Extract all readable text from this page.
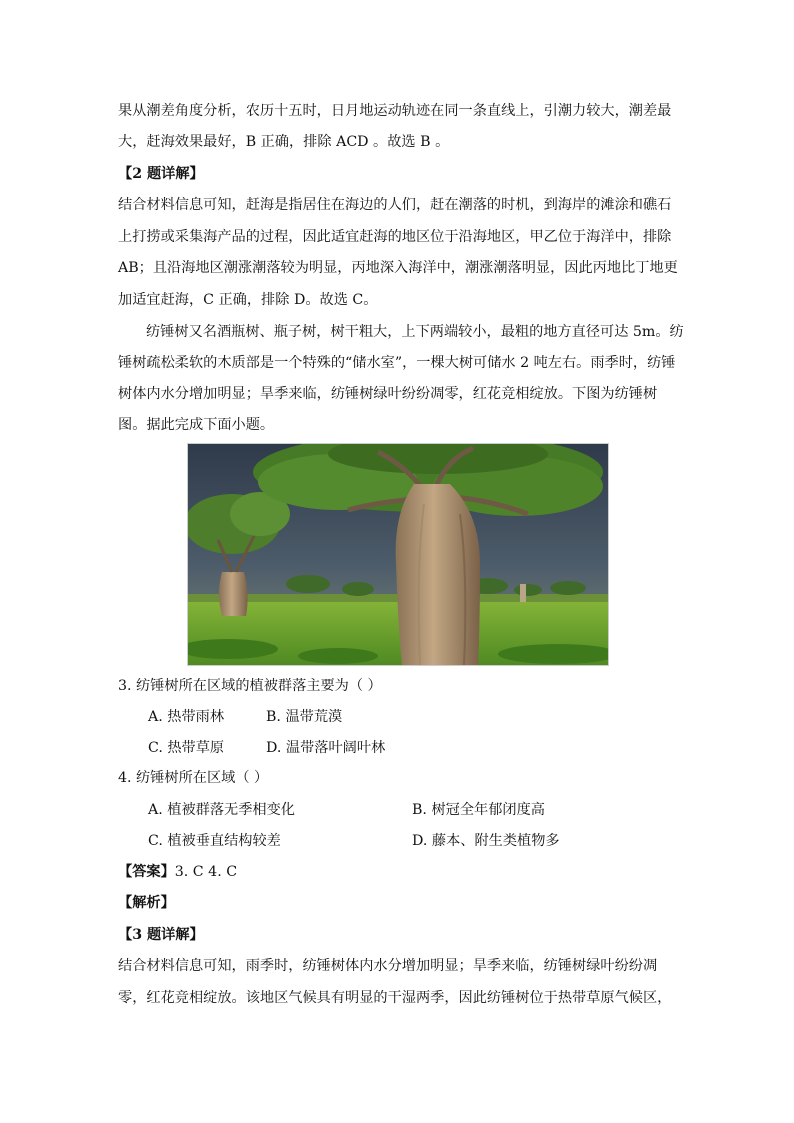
果从潮差角度分析，农历十五时，日月地运动轨迹在同一条直线上，引潮力较大，潮差最
大，赶海效果最好，B 正确，排除 ACD 。故选 B 。
【2 题详解】
结合材料信息可知，赶海是指居住在海边的人们，赶在潮落的时机，到海岸的滩涂和礁石
上打捞或采集海产品的过程，因此适宜赶海的地区位于沿海地区，甲乙位于海洋中，排除
AB；且沿海地区潮涨潮落较为明显，丙地深入海洋中，潮涨潮落明显，因此丙地比丁地更
加适宜赶海，C 正确，排除 D。故选 C。
纺锤树又名酒瓶树、瓶子树，树干粗大，上下两端较小，最粗的地方直径可达 5m。纺
锤树疏松柔软的木质部是一个特殊的“储水室”，一棵大树可储水 2 吨左右。雨季时，纺锤
树体内水分增加明显；旱季来临，纺锤树绿叶纷纷凋零，红花竞相绽放。下图为纺锤树
图。据此完成下面小题。
3. 纺锤树所在区域的植被群落主要为（ ）
A. 热带雨林	B. 温带荒漠
C. 热带草原	D. 温带落叶阔叶林
4. 纺锤树所在区域（ ）
A. 植被群落无季相变化	B. 树冠全年郁闭度高
C. 植被垂直结构较差	D. 藤本、附生类植物多
【答案】3. C 4. C
【解析】
【3 题详解】
结合材料信息可知，雨季时，纺锤树体内水分增加明显；旱季来临，纺锤树绿叶纷纷凋
零，红花竞相绽放。该地区气候具有明显的干湿两季，因此纺锤树位于热带草原气候区，
